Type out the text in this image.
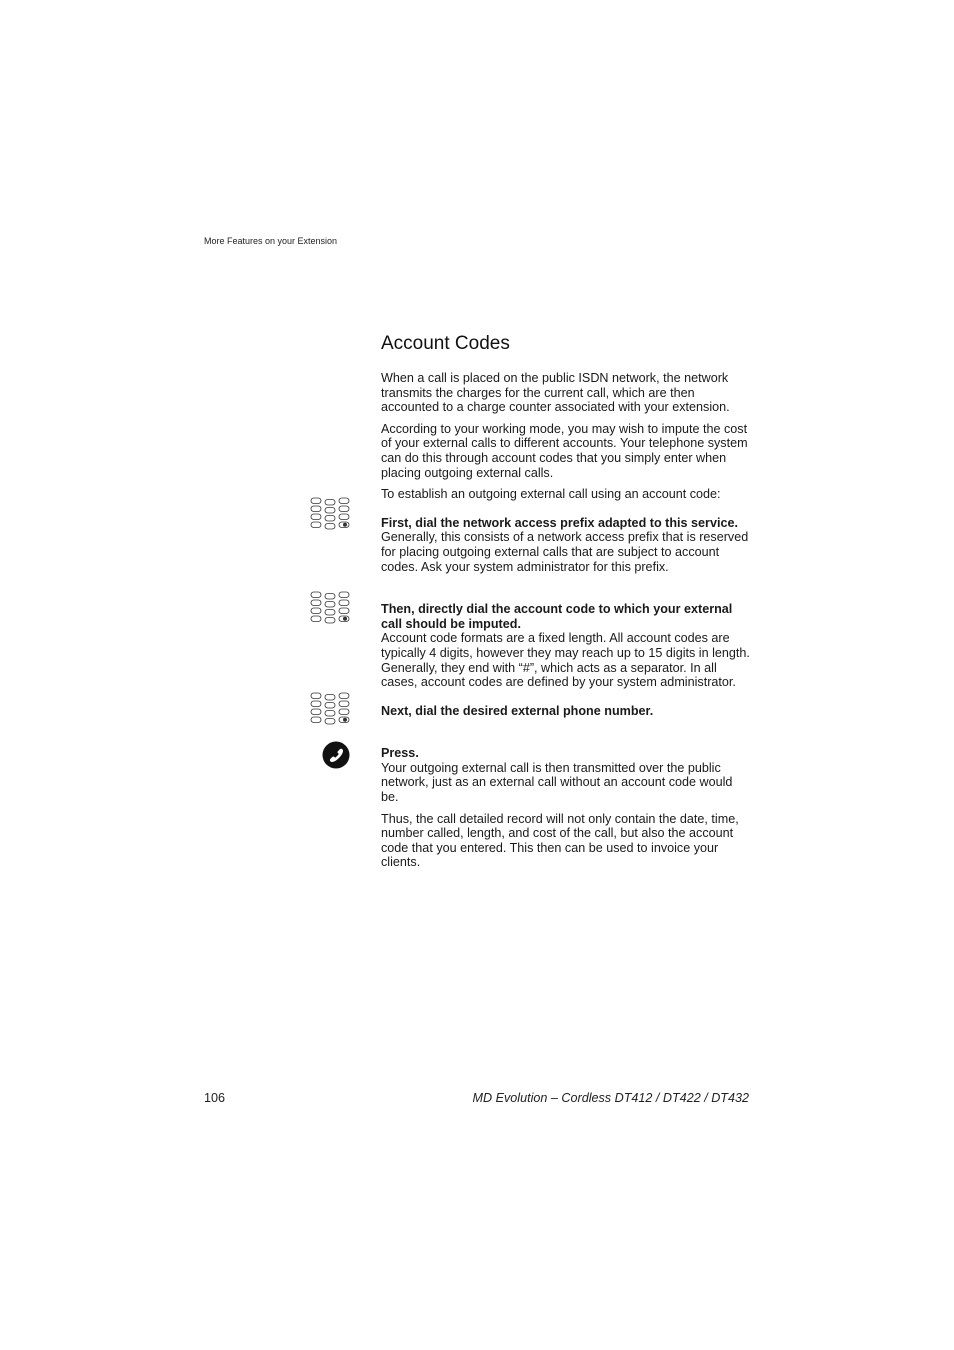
More Features on your Extension
Account Codes

When a call is placed on the public ISDN network, the network transmits the charges for the current call, which are then accounted to a charge counter associated with your extension.

According to your working mode, you may wish to impute the cost of your external calls to different accounts. Your telephone system can do this through account codes that you simply enter when placing outgoing external calls.

To establish an outgoing external call using an account code:

First, dial the network access prefix adapted to this service.

Generally, this consists of a network access prefix that is reserved for placing outgoing external calls that are subject to account codes. Ask your system administrator for this prefix.

Then, directly dial the account code to which your external call should be imputed.

Account code formats are a fixed length. All account codes are typically 4 digits, however they may reach up to 15 digits in length. Generally, they end with “#”, which acts as a separator. In all cases, account codes are defined by your system administrator.

Next, dial the desired external phone number.
Press.

Your outgoing external call is then transmitted over the public network, just as an external call without an account code would be.

Thus, the call detailed record will not only contain the date, time, number called, length, and cost of the call, but also the account code that you entered. This then can be used to invoice your clients.

106	MD Evolution – Cordless DT412 / DT422 / DT432
